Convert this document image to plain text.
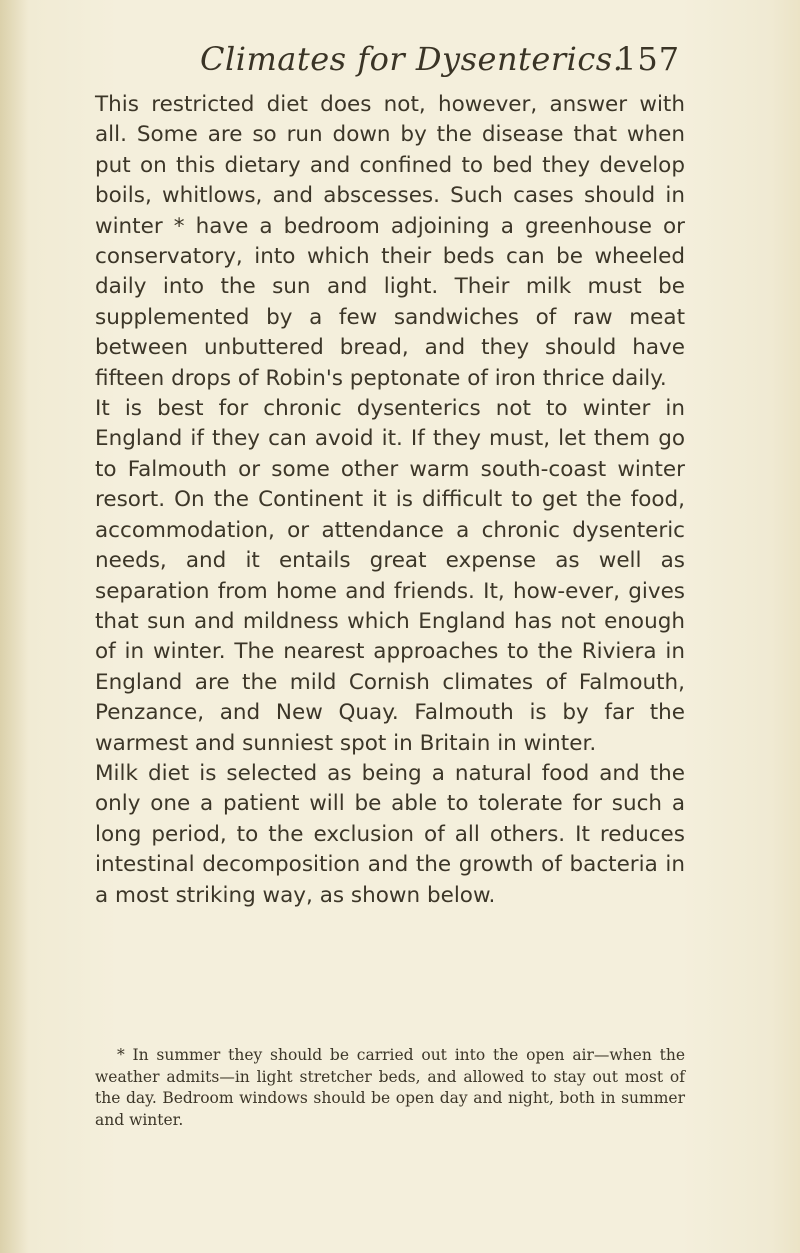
Climates for Dysenterics.
157

This restricted diet does not, however, answer with all. Some are so run down by the disease that when put on this dietary and confined to bed they develop boils, whitlows, and abscesses. Such cases should in winter * have a bedroom adjoining a greenhouse or conservatory, into which their beds can be wheeled daily into the sun and light. Their milk must be supplemented by a few sandwiches of raw meat between unbuttered bread, and they should have fifteen drops of Robin's peptonate of iron thrice daily.

It is best for chronic dysenterics not to winter in England if they can avoid it. If they must, let them go to Falmouth or some other warm south-coast winter resort. On the Continent it is difficult to get the food, accommodation, or attendance a chronic dysenteric needs, and it entails great expense as well as separation from home and friends. It, how-ever, gives that sun and mildness which England has not enough of in winter. The nearest approaches to the Riviera in England are the mild Cornish climates of Falmouth, Penzance, and New Quay. Falmouth is by far the warmest and sunniest spot in Britain in winter.

Milk diet is selected as being a natural food and the only one a patient will be able to tolerate for such a long period, to the exclusion of all others. It reduces intestinal decomposition and the growth of bacteria in a most striking way, as shown below.

* In summer they should be carried out into the open air—when the weather admits—in light stretcher beds, and allowed to stay out most of the day. Bedroom windows should be open day and night, both in summer and winter.
